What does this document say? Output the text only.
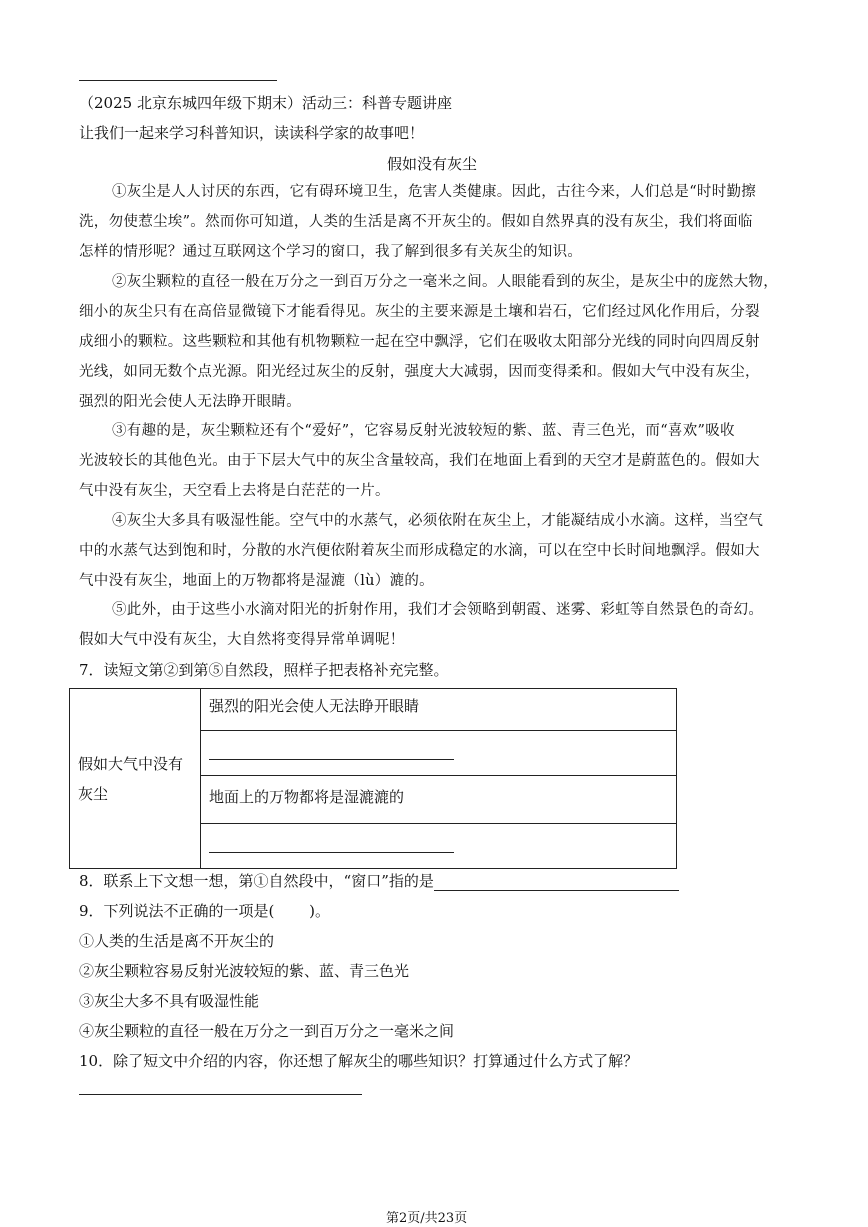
（2025 北京东城四年级下期末）活动三：科普专题讲座
让我们一起来学习科普知识，读读科学家的故事吧！
假如没有灰尘
①灰尘是人人讨厌的东西，它有碍环境卫生，危害人类健康。因此，古往今来，人们总是“时时勤擦
洗，勿使惹尘埃”。然而你可知道，人类的生活是离不开灰尘的。假如自然界真的没有灰尘，我们将面临
怎样的情形呢？通过互联网这个学习的窗口，我了解到很多有关灰尘的知识。
②灰尘颗粒的直径一般在万分之一到百万分之一毫米之间。人眼能看到的灰尘，是灰尘中的庞然大物，
细小的灰尘只有在高倍显微镜下才能看得见。灰尘的主要来源是土壤和岩石，它们经过风化作用后，分裂
成细小的颗粒。这些颗粒和其他有机物颗粒一起在空中飘浮，它们在吸收太阳部分光线的同时向四周反射
光线，如同无数个点光源。阳光经过灰尘的反射，强度大大减弱，因而变得柔和。假如大气中没有灰尘，
强烈的阳光会使人无法睁开眼睛。
③有趣的是，灰尘颗粒还有个“爱好”，它容易反射光波较短的紫、蓝、青三色光，而“喜欢”吸收
光波较长的其他色光。由于下层大气中的灰尘含量较高，我们在地面上看到的天空才是蔚蓝色的。假如大
气中没有灰尘，天空看上去将是白茫茫的一片。
④灰尘大多具有吸湿性能。空气中的水蒸气，必须依附在灰尘上，才能凝结成小水滴。这样，当空气
中的水蒸气达到饱和时，分散的水汽便依附着灰尘而形成稳定的水滴，可以在空中长时间地飘浮。假如大
气中没有灰尘，地面上的万物都将是湿漉（lù）漉的。
⑤此外，由于这些小水滴对阳光的折射作用，我们才会领略到朝霞、迷雾、彩虹等自然景色的奇幻。
假如大气中没有灰尘，大自然将变得异常单调呢！
7．读短文第②到第⑤自然段，照样子把表格补充完整。
假如大气中没有
灰尘	强烈的阳光会使人无法睁开眼睛

地面上的万物都将是湿漉漉的

8．联系上下文想一想，第①自然段中，“窗口”指的是
9．下列说法不正确的一项是(　　 )。
①人类的生活是离不开灰尘的
②灰尘颗粒容易反射光波较短的紫、蓝、青三色光
③灰尘大多不具有吸湿性能
④灰尘颗粒的直径一般在万分之一到百万分之一毫米之间
10．除了短文中介绍的内容，你还想了解灰尘的哪些知识？打算通过什么方式了解？
第2页/共23页
